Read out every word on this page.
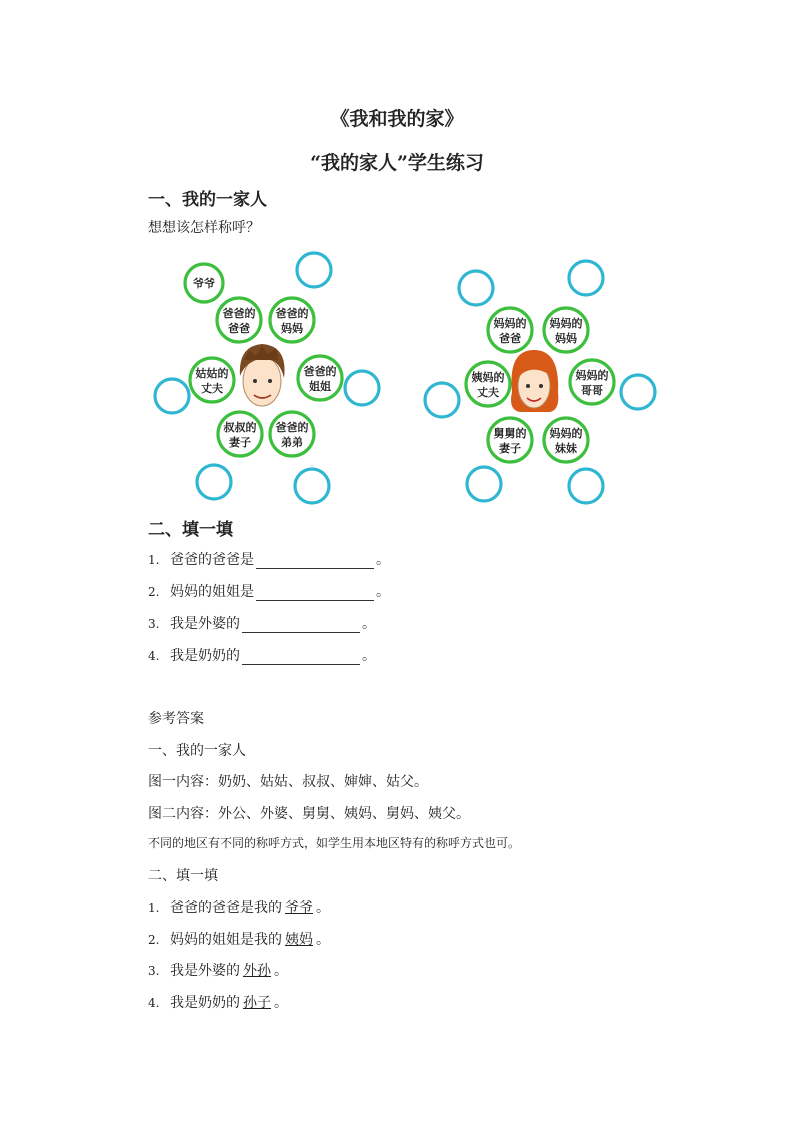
《我和我的家》
“我的家人”学生练习
一、我的一家人
想想该怎样称呼？
爷爷
爸爸的爸爸
爸爸的妈妈
姑姑的丈夫
爸爸的姐姐
叔叔的妻子
爸爸的弟弟
妈妈的爸爸
妈妈的妈妈
姨妈的丈夫
妈妈的哥哥
舅舅的妻子
妈妈的妹妹
二、填一填
1. 爸爸的爸爸是	。
2. 妈妈的姐姐是	。
3. 我是外婆的	。
4. 我是奶奶的	。
参考答案
一、我的一家人
图一内容：奶奶、姑姑、叔叔、婶婶、姑父。
图二内容：外公、外婆、舅舅、姨妈、舅妈、姨父。
不同的地区有不同的称呼方式，如学生用本地区特有的称呼方式也可。
二、填一填
1. 爸爸的爸爸是我的 爷爷 。
2. 妈妈的姐姐是我的 姨妈 。
3. 我是外婆的 外孙 。
4. 我是奶奶的 孙子 。
